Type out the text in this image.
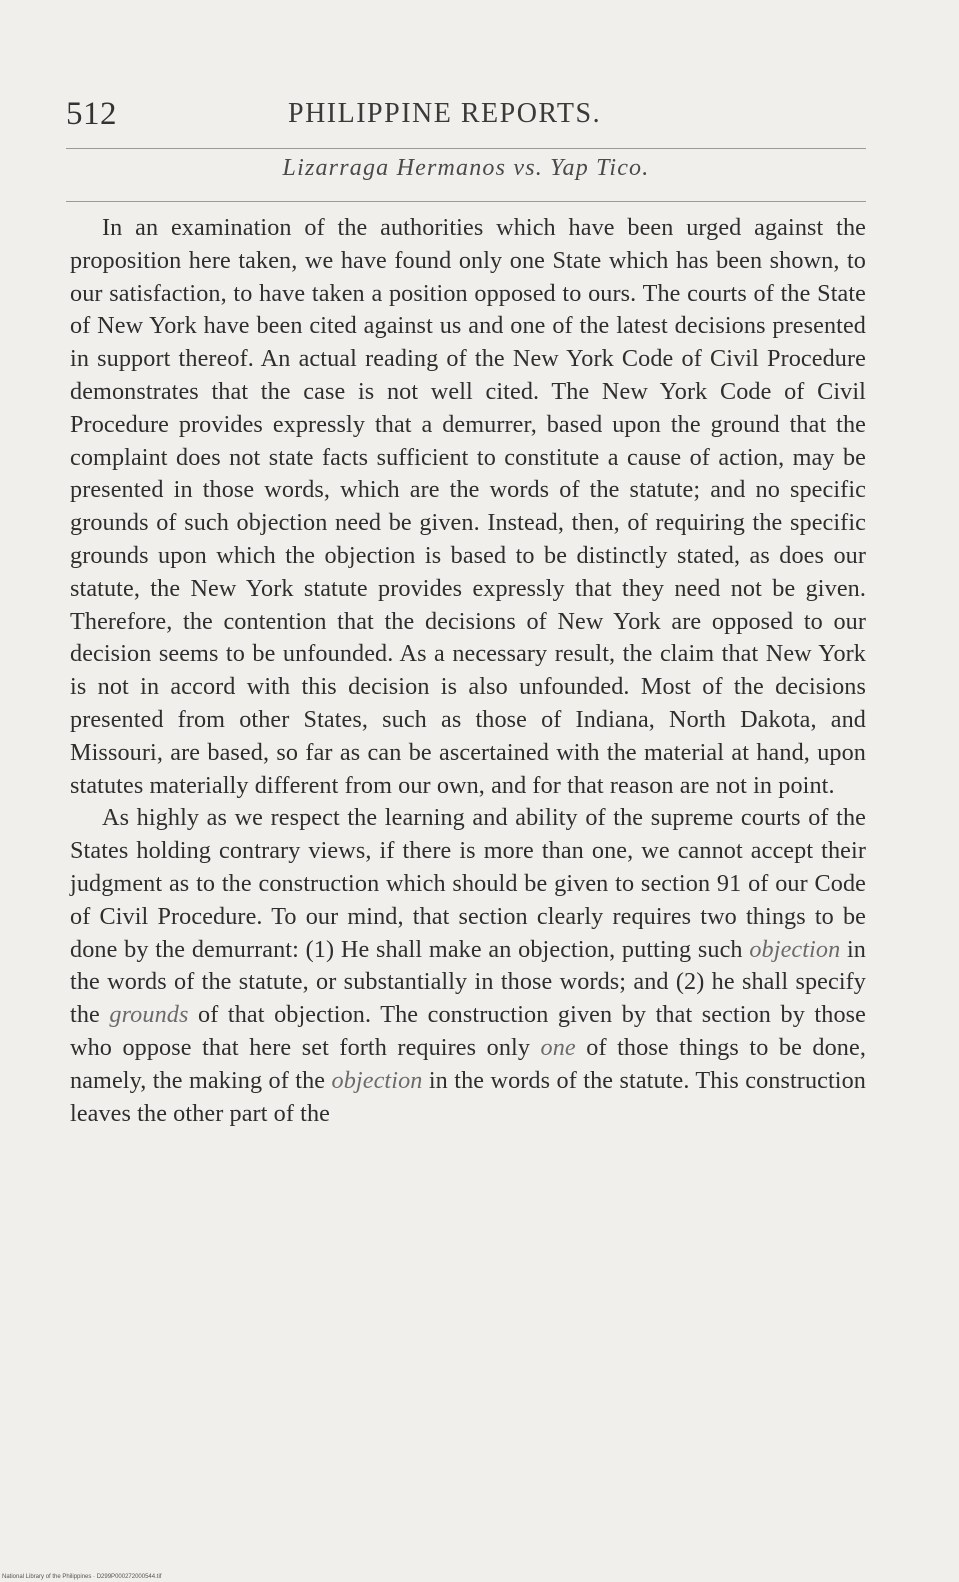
512	PHILIPPINE REPORTS.
Lizarraga Hermanos vs. Yap Tico.

In an examination of the authorities which have been urged against the proposition here taken, we have found only one State which has been shown, to our satisfaction, to have taken a position opposed to ours. The courts of the State of New York have been cited against us and one of the latest decisions presented in support thereof. An actual reading of the New York Code of Civil Procedure demonstrates that the case is not well cited. The New York Code of Civil Procedure provides expressly that a demurrer, based upon the ground that the complaint does not state facts sufficient to constitute a cause of action, may be presented in those words, which are the words of the statute; and no specific grounds of such objection need be given. Instead, then, of requiring the specific grounds upon which the objection is based to be distinctly stated, as does our statute, the New York statute provides expressly that they need not be given. Therefore, the contention that the decisions of New York are opposed to our decision seems to be unfounded. As a necessary result, the claim that New York is not in accord with this decision is also unfounded. Most of the decisions presented from other States, such as those of Indiana, North Dakota, and Missouri, are based, so far as can be ascertained with the material at hand, upon statutes materially different from our own, and for that reason are not in point.

As highly as we respect the learning and ability of the supreme courts of the States holding contrary views, if there is more than one, we cannot accept their judgment as to the construction which should be given to section 91 of our Code of Civil Procedure. To our mind, that section clearly requires two things to be done by the demurrant: (1) He shall make an objection, putting such objection in the words of the statute, or substantially in those words; and (2) he shall specify the grounds of that objection. The construction given by that section by those who oppose that here set forth requires only one of those things to be done, namely, the making of the objection in the words of the statute. This construction leaves the other part of the

National Library of the Philippines · D299P000272000544.tif
